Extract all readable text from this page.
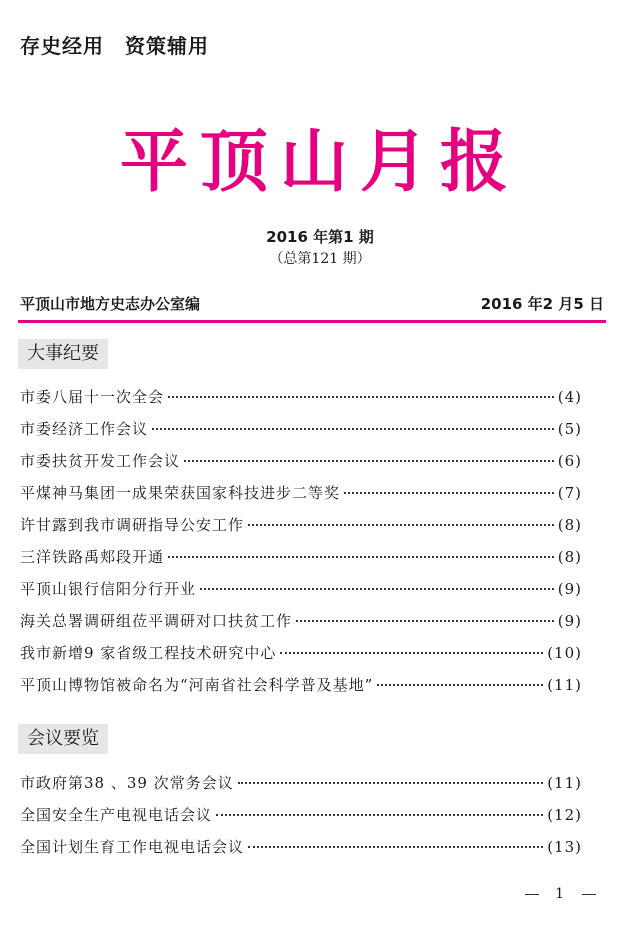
存史经用　资策辅用
平顶山月报
2016 年第1 期
（总第121 期）
平顶山市地方史志办公室编	2016 年2 月5 日
大事纪要
市委八届十一次全会	(4)
市委经济工作会议	(5)
市委扶贫开发工作会议	(6)
平煤神马集团一成果荣获国家科技进步二等奖	(7)
许甘露到我市调研指导公安工作	(8)
三洋铁路禹郏段开通	(8)
平顶山银行信阳分行开业	(9)
海关总署调研组莅平调研对口扶贫工作	(9)
我市新增9 家省级工程技术研究中心	(10)
平顶山博物馆被命名为“河南省社会科学普及基地”	(11)
会议要览
市政府第38 、39 次常务会议	(11)
全国安全生产电视电话会议	(12)
全国计划生育工作电视电话会议	(13)
1
